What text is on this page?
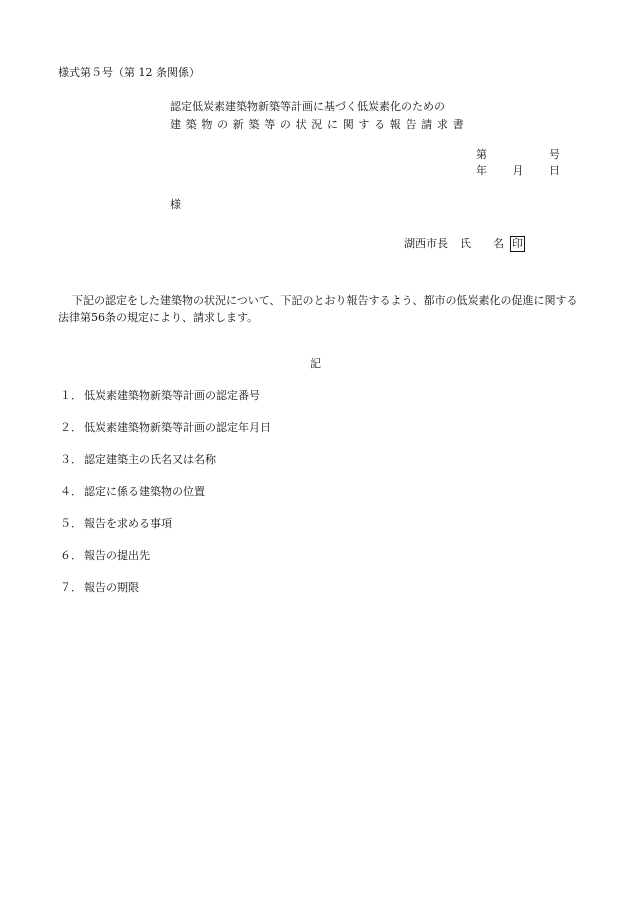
様式第５号（第 12 条関係）
認定低炭素建築物新築等計画に基づく低炭素化のための
建築物の新築等の状況に関する報告請求書
第	号
年 月 日
様
湖西市長 氏 名 印
下記の認定をした建築物の状況について、下記のとおり報告するよう、都市の低炭素化の促進に関する法律第56条の規定により、請求します。
記
１． 低炭素建築物新築等計画の認定番号
２． 低炭素建築物新築等計画の認定年月日
３． 認定建築主の氏名又は名称
４． 認定に係る建築物の位置
５． 報告を求める事項
６． 報告の提出先
７． 報告の期限
